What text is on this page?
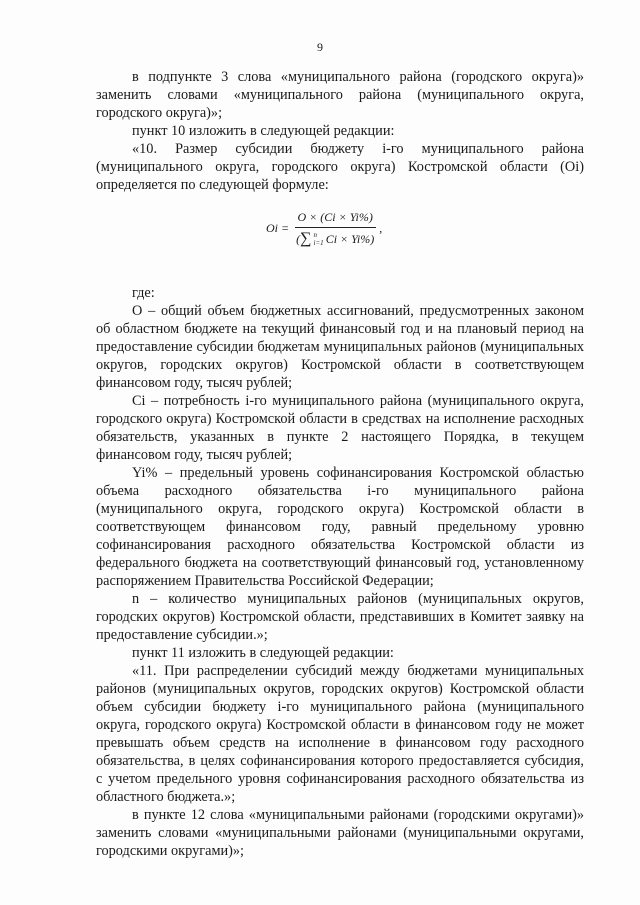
9

в подпункте 3 слова «муниципального района (городского округа)» заменить словами «муниципального района (муниципального округа, городского округа)»;

пункт 10 изложить в следующей редакции:

«10. Размер субсидии бюджету i-го муниципального района (муниципального округа, городского округа) Костромской области (Oi) определяется по следующей формуле:

Oi =
O × (Ci × Yi%)
( ∑ n
i=1 Ci × Yi%)
,

где:

O – общий объем бюджетных ассигнований, предусмотренных законом об областном бюджете на текущий финансовый год и на плановый период на предоставление субсидии бюджетам муниципальных районов (муниципальных округов, городских округов) Костромской области в соответствующем финансовом году, тысяч рублей;

Ci – потребность i-го муниципального района (муниципального округа, городского округа) Костромской области в средствах на исполнение расходных обязательств, указанных в пункте 2 настоящего Порядка, в текущем финансовом году, тысяч рублей;

Yi% – предельный уровень софинансирования Костромской областью объема расходного обязательства i-го муниципального района (муниципального округа, городского округа) Костромской области в соответствующем финансовом году, равный предельному уровню софинансирования расходного обязательства Костромской области из федерального бюджета на соответствующий финансовый год, установленному распоряжением Правительства Российской Федерации;

n – количество муниципальных районов (муниципальных округов, городских округов) Костромской области, представивших в Комитет заявку на предоставление субсидии.»;

пункт 11 изложить в следующей редакции:

«11. При распределении субсидий между бюджетами муниципальных районов (муниципальных округов, городских округов) Костромской области объем субсидии бюджету i-го муниципального района (муниципального округа, городского округа) Костромской области в финансовом году не может превышать объем средств на исполнение в финансовом году расходного обязательства, в целях софинансирования которого предоставляется субсидия, с учетом предельного уровня софинансирования расходного обязательства из областного бюджета.»;

в пункте 12 слова «муниципальными районами (городскими округами)» заменить словами «муниципальными районами (муниципальными округами, городскими округами)»;
